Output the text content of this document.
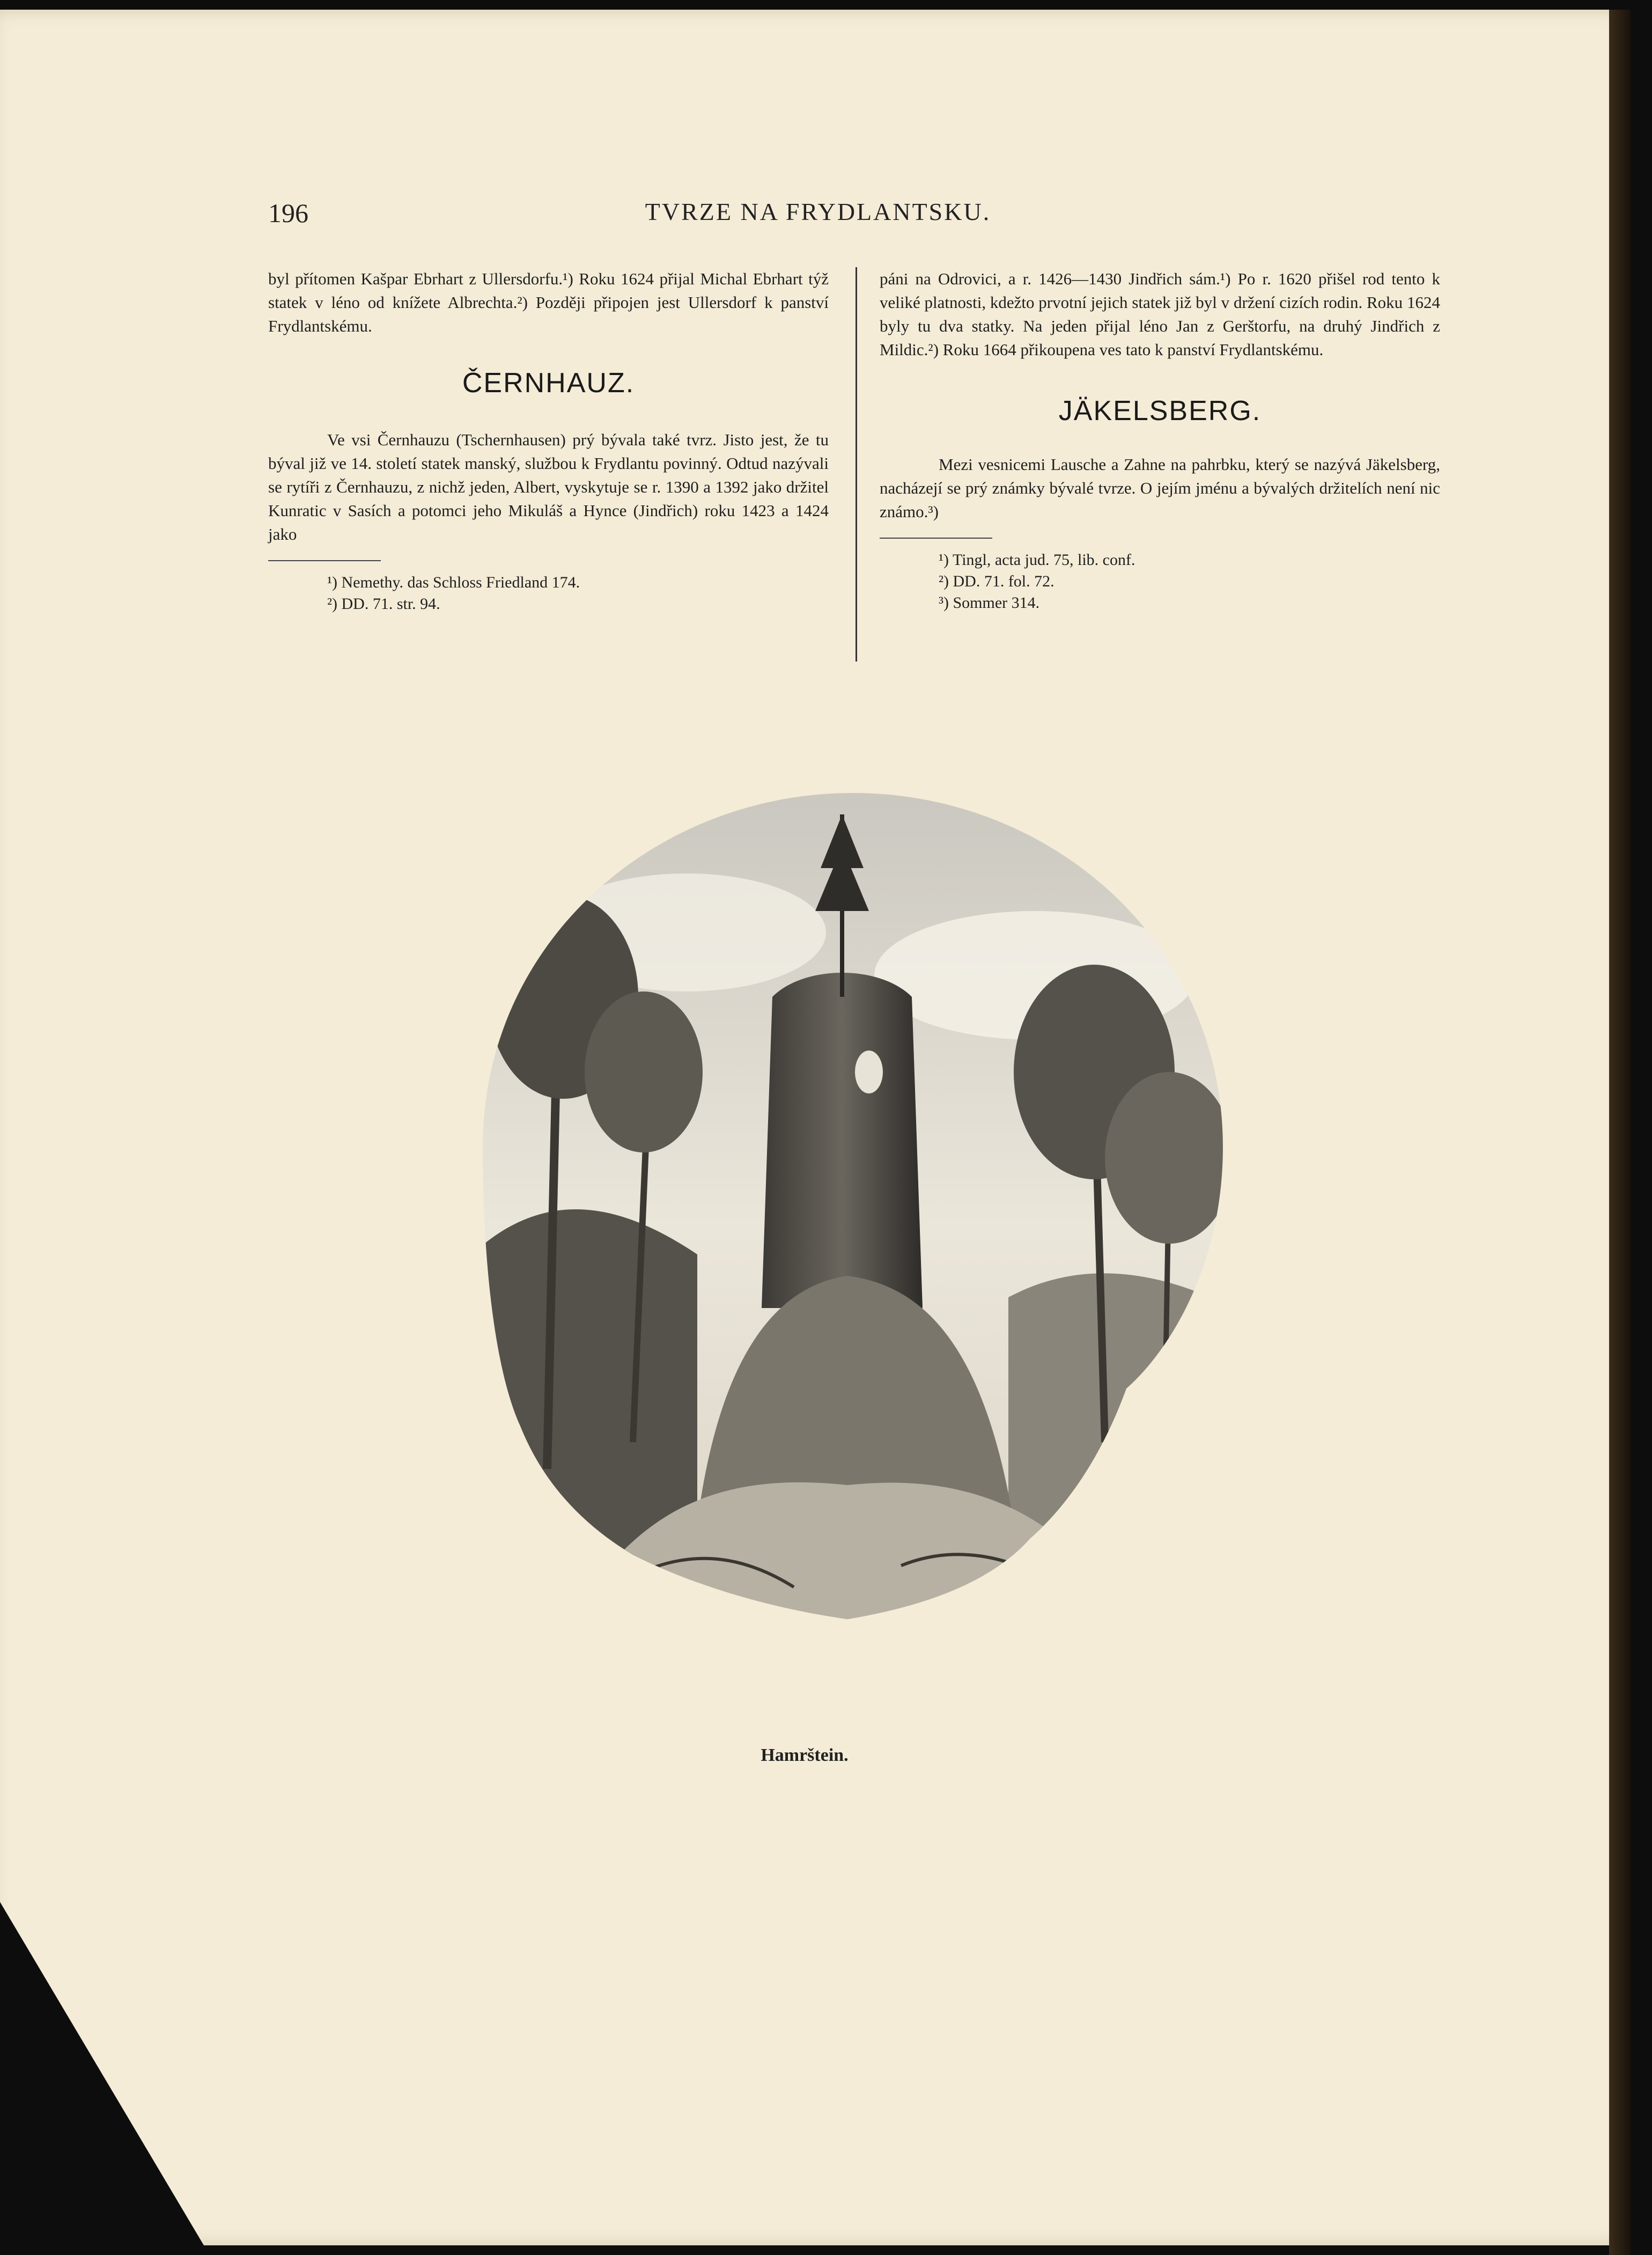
196	TVRZE NA FRYDLANTSKU.

byl přítomen Kašpar Ebrhart z Ullersdorfu.¹) Roku 1624 přijal Michal Ebrhart týž statek v léno od knížete Albrechta.²) Později připojen jest Ullersdorf k panství Frydlantskému.

ČERNHAUZ.

Ve vsi Černhauzu (Tschernhausen) prý bývala také tvrz. Jisto jest, že tu býval již ve 14. století statek manský, službou k Frydlantu povinný. Odtud nazývali se rytíři z Černhauzu, z nichž jeden, Albert, vyskytuje se r. 1390 a 1392 jako držitel Kunratic v Sasích a potomci jeho Mikuláš a Hynce (Jindřich) roku 1423 a 1424 jako

¹) Nemethy. das Schloss Friedland 174.
²) DD. 71. str. 94.

páni na Odrovici, a r. 1426—1430 Jindřich sám.¹) Po r. 1620 přišel rod tento k veliké platnosti, kdežto prvotní jejich statek již byl v držení cizích rodin. Roku 1624 byly tu dva statky. Na jeden přijal léno Jan z Gerštorfu, na druhý Jindřich z Mildic.²) Roku 1664 přikoupena ves tato k panství Frydlantskému.

JÄKELSBERG.

Mezi vesnicemi Lausche a Zahne na pahrbku, který se nazývá Jäkelsberg, nacházejí se prý známky bývalé tvrze. O jejím jménu a bývalých držitelích není nic známo.³)

¹) Tingl, acta jud. 75, lib. conf.
²) DD. 71. fol. 72.
³) Sommer 314.
Hamrštein.
